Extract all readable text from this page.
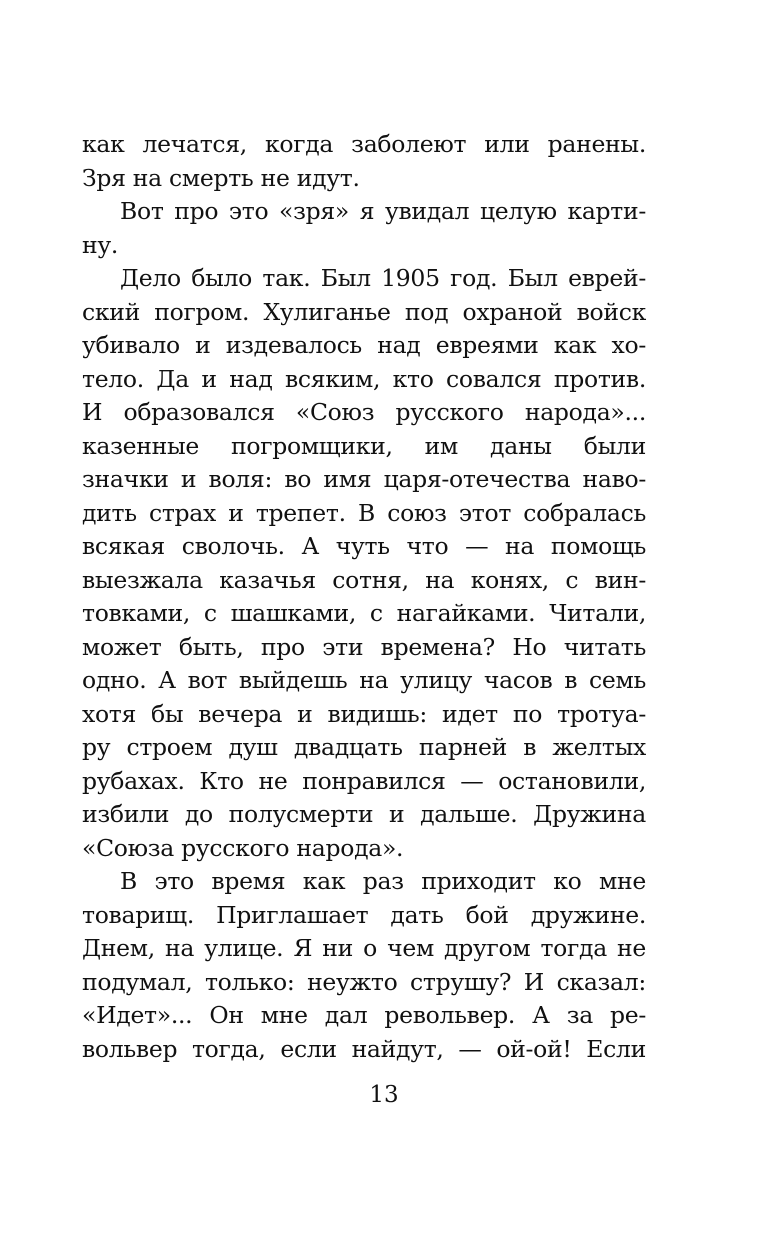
как лечатся, когда заболеют или ранены.
Зря на смерть не идут.
Вот про это «зря» я увидал целую карти-
ну.
Дело было так. Был 1905 год. Был еврей-
ский погром. Хулиганье под охраной войск
убивало и издевалось над евреями как хо-
тело. Да и над всяким, кто совался против.
И образовался «Союз русского народа»...
казенные погромщики, им даны были
значки и воля: во имя царя-отечества наво-
дить страх и трепет. В союз этот собралась
всякая сволочь. А чуть что — на помощь
выезжала казачья сотня, на конях, с вин-
товками, с шашками, с нагайками. Читали,
может быть, про эти времена? Но читать
одно. А вот выйдешь на улицу часов в семь
хотя бы вечера и видишь: идет по тротуа-
ру строем душ двадцать парней в желтых
рубахах. Кто не понравился — остановили,
избили до полусмерти и дальше. Дружина
«Союза русского народа».
В это время как раз приходит ко мне
товарищ. Приглашает дать бой дружине.
Днем, на улице. Я ни о чем другом тогда не
подумал, только: неужто струшу? И сказал:
«Идет»... Он мне дал револьвер. А за ре-
вольвер тогда, если найдут, — ой-ой! Если
13
